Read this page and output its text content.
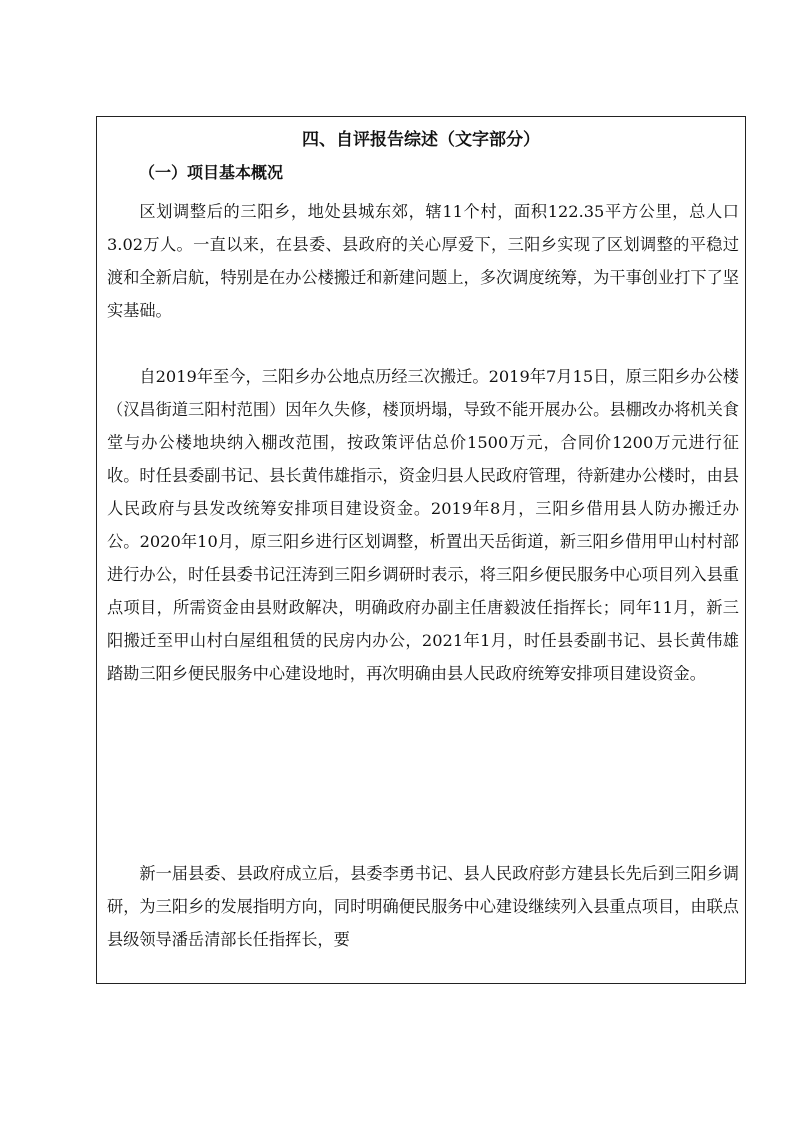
四、自评报告综述（文字部分）
（一）项目基本概况

区划调整后的三阳乡，地处县城东郊，辖11个村，面积122.35平方公里，总人口3.02万人。一直以来，在县委、县政府的关心厚爱下，三阳乡实现了区划调整的平稳过渡和全新启航，特别是在办公楼搬迁和新建问题上，多次调度统筹，为干事创业打下了坚实基础。

自2019年至今，三阳乡办公地点历经三次搬迁。2019年7月15日，原三阳乡办公楼（汉昌街道三阳村范围）因年久失修，楼顶坍塌，导致不能开展办公。县棚改办将机关食堂与办公楼地块纳入棚改范围，按政策评估总价1500万元，合同价1200万元进行征收。时任县委副书记、县长黄伟雄指示，资金归县人民政府管理，待新建办公楼时，由县人民政府与县发改统筹安排项目建设资金。2019年8月，三阳乡借用县人防办搬迁办公。2020年10月，原三阳乡进行区划调整，析置出天岳街道，新三阳乡借用甲山村村部进行办公，时任县委书记汪涛到三阳乡调研时表示，将三阳乡便民服务中心项目列入县重点项目，所需资金由县财政解决，明确政府办副主任唐毅波任指挥长；同年11月，新三阳搬迁至甲山村白屋组租赁的民房内办公，2021年1月，时任县委副书记、县长黄伟雄踏勘三阳乡便民服务中心建设地时，再次明确由县人民政府统筹安排项目建设资金。

新一届县委、县政府成立后，县委李勇书记、县人民政府彭方建县长先后到三阳乡调研，为三阳乡的发展指明方向，同时明确便民服务中心建设继续列入县重点项目，由联点县级领导潘岳清部长任指挥长，要
